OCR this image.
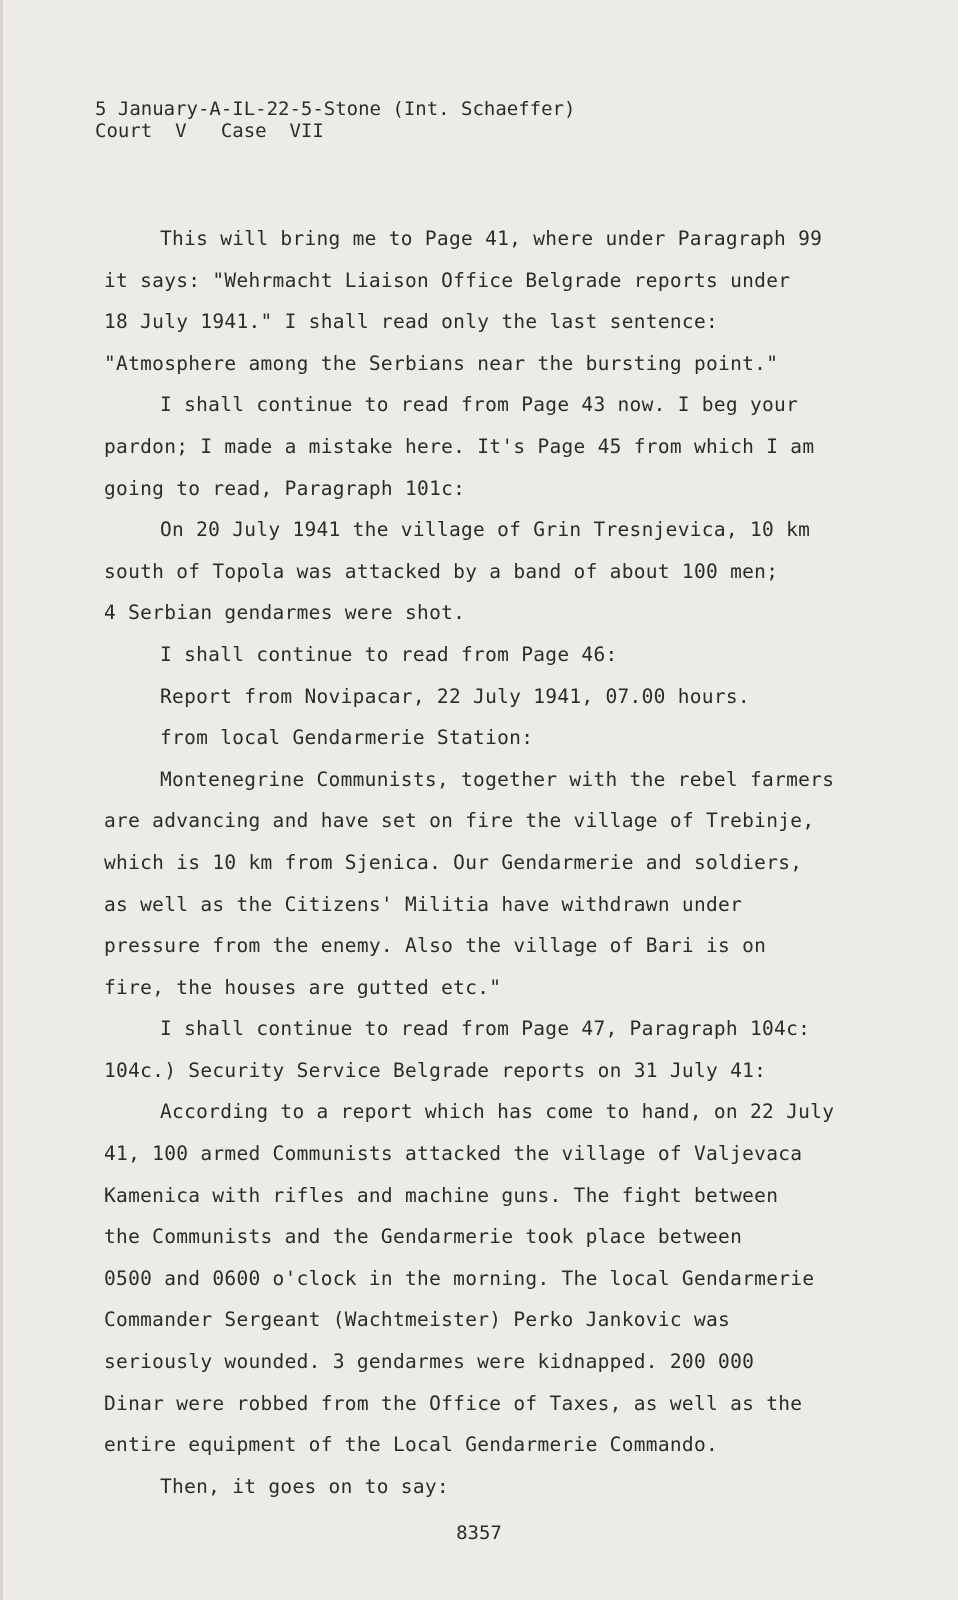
5 January-A-IL-22-5-Stone (Int. Schaeffer)
Court  V   Case  VII
This will bring me to Page 41, where under Paragraph 99
it says: "Wehrmacht Liaison Office Belgrade reports under
18 July 1941." I shall read only the last sentence:
"Atmosphere among the Serbians near the bursting point."
I shall continue to read from Page 43 now. I beg your
pardon; I made a mistake here. It's Page 45 from which I am
going to read, Paragraph 101c:
On 20 July 1941 the village of Grin Tresnjevica, 10 km
south of Topola was attacked by a band of about 100 men;
4 Serbian gendarmes were shot.
I shall continue to read from Page 46:
Report from Novipacar, 22 July 1941, 07.00 hours.
from local Gendarmerie Station:
Montenegrine Communists, together with the rebel farmers
are advancing and have set on fire the village of Trebinje,
which is 10 km from Sjenica. Our Gendarmerie and soldiers,
as well as the Citizens' Militia have withdrawn under
pressure from the enemy. Also the village of Bari is on
fire, the houses are gutted etc."
I shall continue to read from Page 47, Paragraph 104c:
104c.) Security Service Belgrade reports on 31 July 41:
According to a report which has come to hand, on 22 July
41, 100 armed Communists attacked the village of Valjevaca
Kamenica with rifles and machine guns. The fight between
the Communists and the Gendarmerie took place between
0500 and 0600 o'clock in the morning. The local Gendarmerie
Commander Sergeant (Wachtmeister) Perko Jankovic was
seriously wounded. 3 gendarmes were kidnapped. 200 000
Dinar were robbed from the Office of Taxes, as well as the
entire equipment of the Local Gendarmerie Commando.
Then, it goes on to say:
8357
